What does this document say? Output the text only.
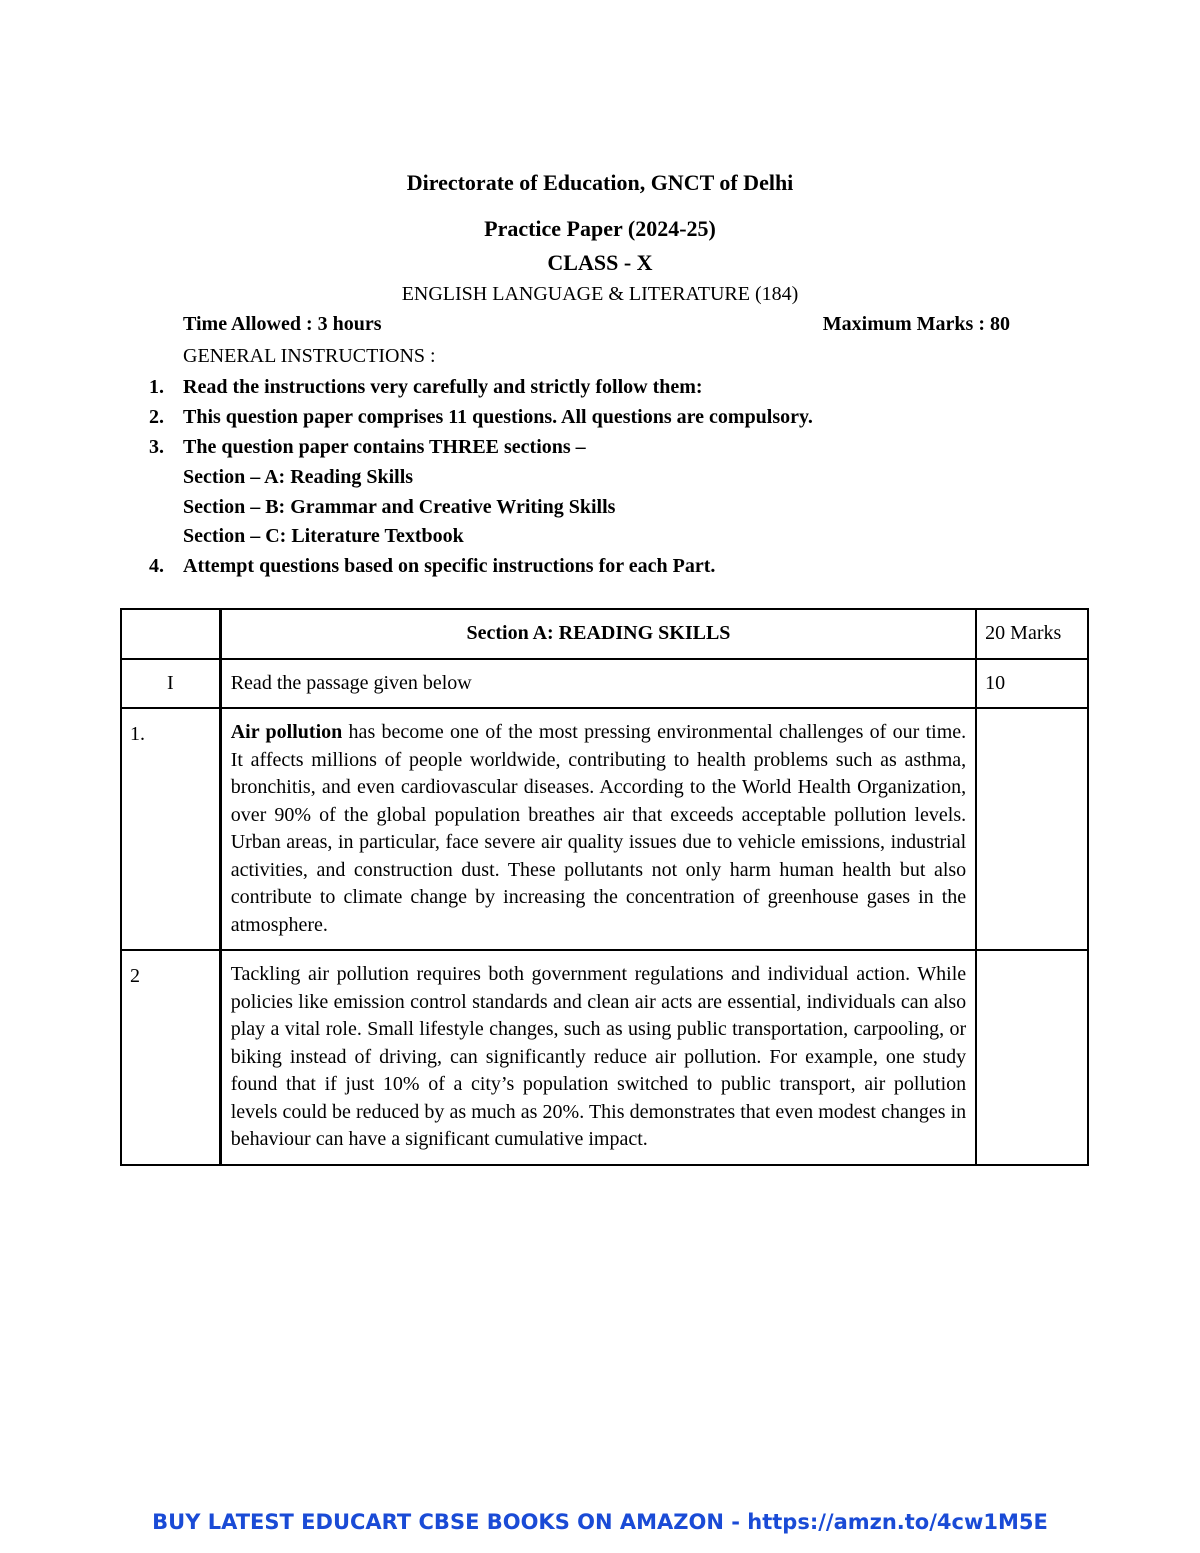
Directorate of Education, GNCT of Delhi
Practice Paper (2024-25)
CLASS - X
ENGLISH LANGUAGE & LITERATURE (184)
Time Allowed : 3 hours	Maximum Marks : 80
GENERAL INSTRUCTIONS :
1. Read the instructions very carefully and strictly follow them:
2. This question paper comprises 11 questions. All questions are compulsory.
3. The question paper contains THREE sections –
Section – A: Reading Skills
Section – B: Grammar and Creative Writing Skills
Section – C: Literature Textbook
4. Attempt questions based on specific instructions for each Part.

	Section A: READING SKILLS	20 Marks

I	Read the passage given below	10

1.	Air pollution has become one of the most pressing environmental challenges of our time. It affects millions of people worldwide, contributing to health problems such as asthma, bronchitis, and even cardiovascular diseases. According to the World Health Organization, over 90% of the global population breathes air that exceeds acceptable pollution levels. Urban areas, in particular, face severe air quality issues due to vehicle emissions, industrial activities, and construction dust. These pollutants not only harm human health but also contribute to climate change by increasing the concentration of greenhouse gases in the atmosphere.	

2	Tackling air pollution requires both government regulations and individual action. While policies like emission control standards and clean air acts are essential, individuals can also play a vital role. Small lifestyle changes, such as using public transportation, carpooling, or biking instead of driving, can significantly reduce air pollution. For example, one study found that if just 10% of a city’s population switched to public transport, air pollution levels could be reduced by as much as 20%. This demonstrates that even modest changes in behaviour can have a significant cumulative impact.	

BUY LATEST EDUCART CBSE BOOKS ON AMAZON - https://amzn.to/4cw1M5E
